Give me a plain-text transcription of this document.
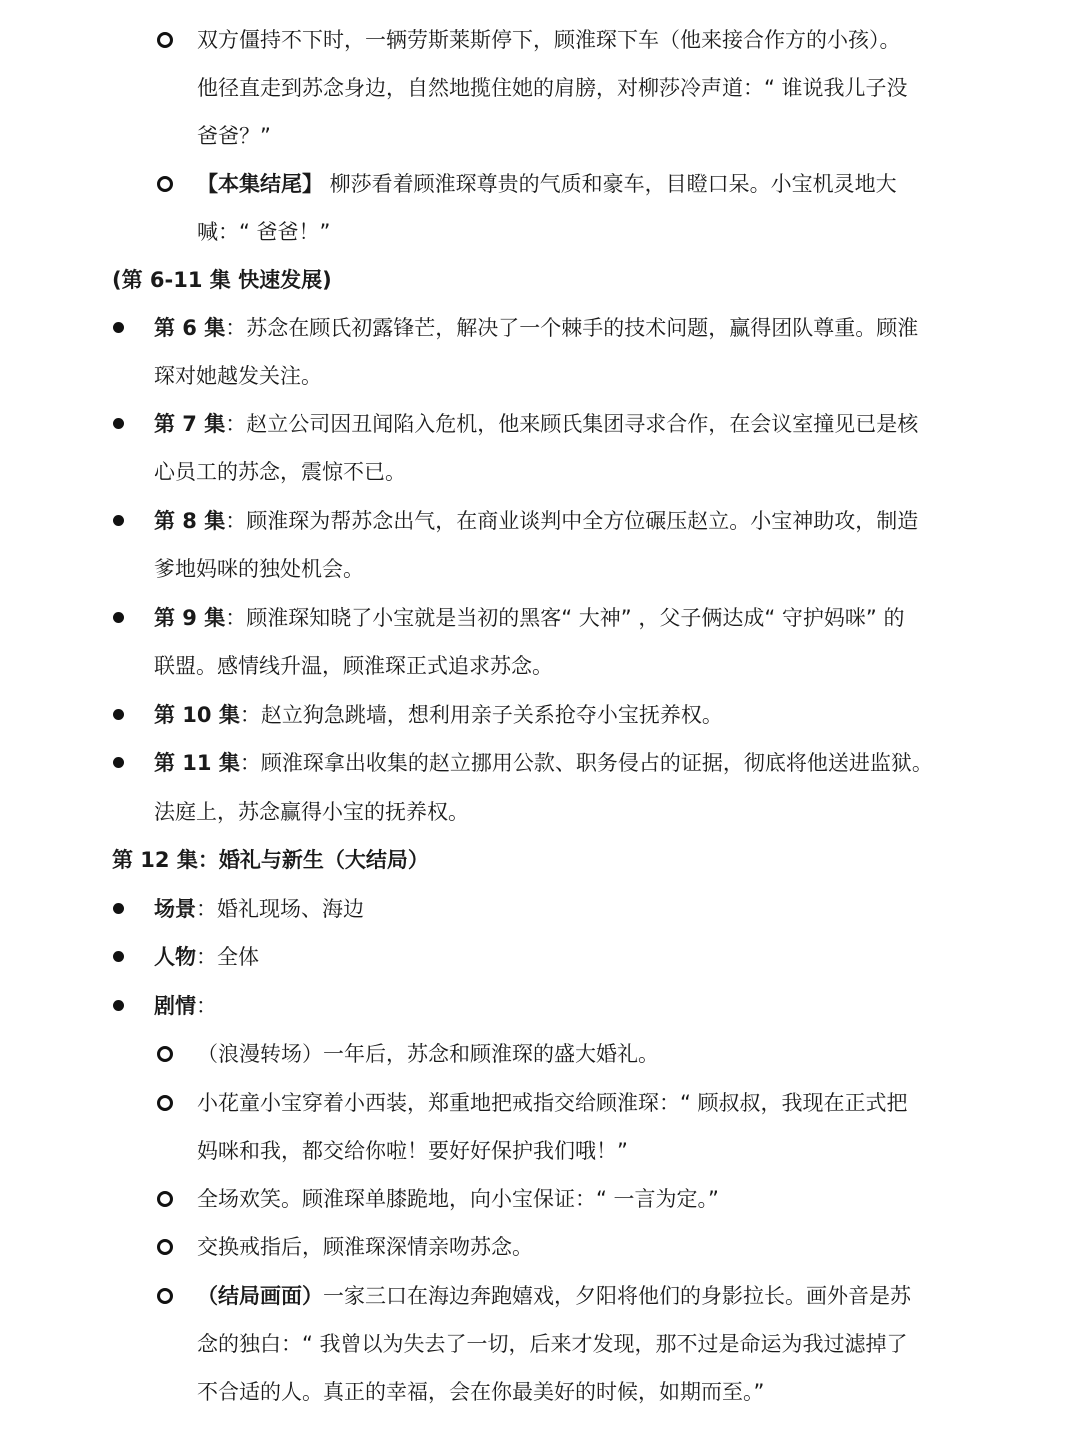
双方僵持不下时，一辆劳斯莱斯停下，顾淮琛下车（他来接合作方的小孩）。
他径直走到苏念身边，自然地揽住她的肩膀，对柳莎冷声道：“ 谁说我儿子没
爸爸？”
【本集结尾】 柳莎看着顾淮琛尊贵的气质和豪车，目瞪口呆。小宝机灵地大
喊：“ 爸爸！”
(第 6-11 集 快速发展)
第 6 集：苏念在顾氏初露锋芒，解决了一个棘手的技术问题，赢得团队尊重。顾淮
琛对她越发关注。
第 7 集：赵立公司因丑闻陷入危机，他来顾氏集团寻求合作，在会议室撞见已是核
心员工的苏念，震惊不已。
第 8 集：顾淮琛为帮苏念出气，在商业谈判中全方位碾压赵立。小宝神助攻，制造
爹地妈咪的独处机会。
第 9 集：顾淮琛知晓了小宝就是当初的黑客“ 大神” ，父子俩达成“ 守护妈咪” 的
联盟。感情线升温，顾淮琛正式追求苏念。
第 10 集：赵立狗急跳墙，想利用亲子关系抢夺小宝抚养权。
第 11 集：顾淮琛拿出收集的赵立挪用公款、职务侵占的证据，彻底将他送进监狱。
法庭上，苏念赢得小宝的抚养权。
第 12 集：婚礼与新生（大结局）
场景：婚礼现场、海边
人物：全体
剧情：
（浪漫转场）一年后，苏念和顾淮琛的盛大婚礼。
小花童小宝穿着小西装，郑重地把戒指交给顾淮琛：“ 顾叔叔，我现在正式把
妈咪和我，都交给你啦！要好好保护我们哦！”
全场欢笑。顾淮琛单膝跪地，向小宝保证：“ 一言为定。”
交换戒指后，顾淮琛深情亲吻苏念。
（结局画面）一家三口在海边奔跑嬉戏，夕阳将他们的身影拉长。画外音是苏
念的独白：“ 我曾以为失去了一切，后来才发现，那不过是命运为我过滤掉了
不合适的人。真正的幸福，会在你最美好的时候，如期而至。”
